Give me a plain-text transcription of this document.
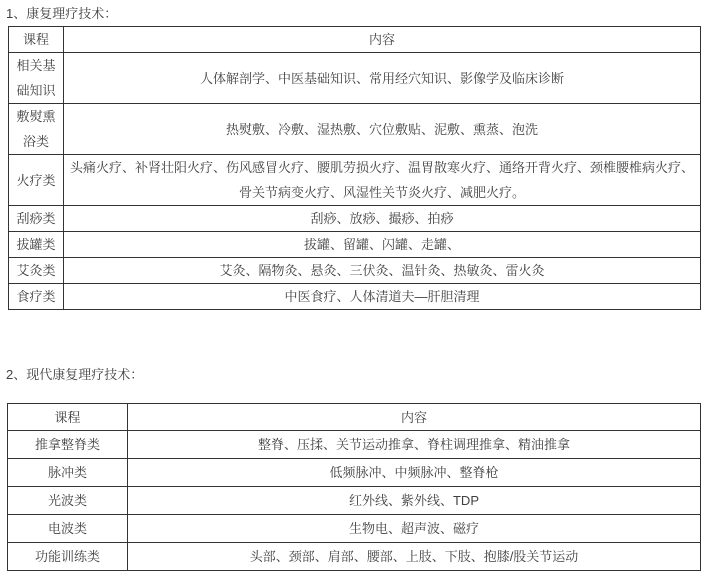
1、康复理疗技术：

课程	内容
相关基础知识	人体解剖学、中医基础知识、常用经穴知识、影像学及临床诊断
敷熨熏浴类	热熨敷、冷敷、湿热敷、穴位敷贴、泥敷、熏蒸、泡洗
火疗类	头痛火疗、补肾壮阳火疗、伤风感冒火疗、腰肌劳损火疗、温胃散寒火疗、通络开背火疗、颈椎腰椎病火疗、骨关节病变火疗、风湿性关节炎火疗、减肥火疗。
刮痧类	刮痧、放痧、撮痧、拍痧
拔罐类	拔罐、留罐、闪罐、走罐、
艾灸类	艾灸、隔物灸、悬灸、三伏灸、温针灸、热敏灸、雷火灸
食疗类	中医食疗、人体清道夫—肝胆清理

2、现代康复理疗技术：

课程	内容
推拿整脊类	整脊、压揉、关节运动推拿、脊柱调理推拿、精油推拿
脉冲类	低频脉冲、中频脉冲、整脊枪
光波类	红外线、紫外线、TDP
电波类	生物电、超声波、磁疗
功能训练类	头部、颈部、肩部、腰部、上肢、下肢、抱膝/股关节运动
